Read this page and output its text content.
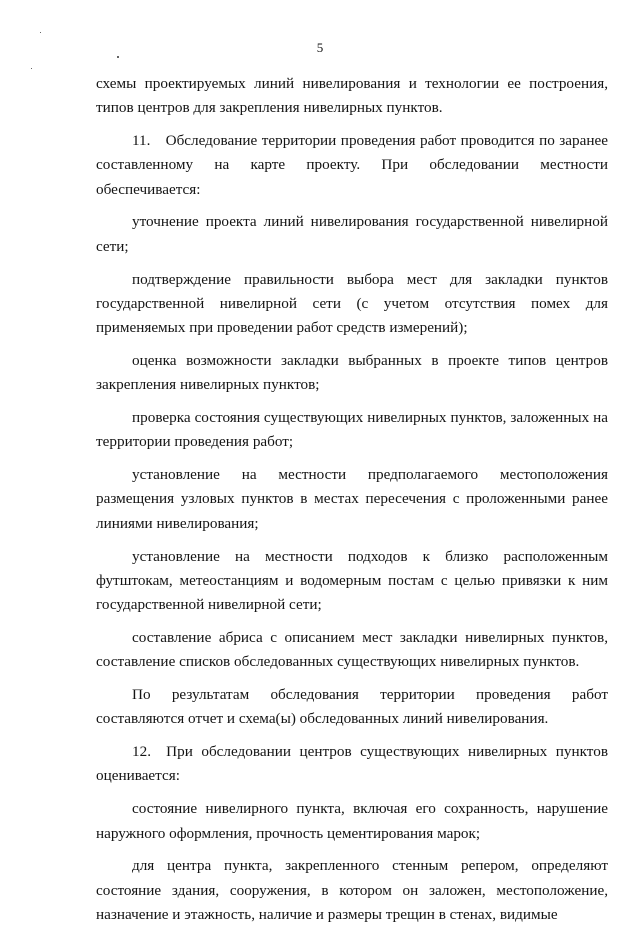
5

схемы проектируемых линий нивелирования и технологии ее построения, типов центров для закрепления нивелирных пунктов.

11. Обследование территории проведения работ проводится по заранее составленному на карте проекту. При обследовании местности обеспечивается:

уточнение проекта линий нивелирования государственной нивелирной сети;

подтверждение правильности выбора мест для закладки пунктов государственной нивелирной сети (с учетом отсутствия помех для применяемых при проведении работ средств измерений);

оценка возможности закладки выбранных в проекте типов центров закрепления нивелирных пунктов;

проверка состояния существующих нивелирных пунктов, заложенных на территории проведения работ;

установление на местности предполагаемого местоположения размещения узловых пунктов в местах пересечения с проложенными ранее линиями нивелирования;

установление на местности подходов к близко расположенным футштокам, метеостанциям и водомерным постам с целью привязки к ним государственной нивелирной сети;

составление абриса с описанием мест закладки нивелирных пунктов, составление списков обследованных существующих нивелирных пунктов.

По результатам обследования территории проведения работ составляются отчет и схема(ы) обследованных линий нивелирования.

12. При обследовании центров существующих нивелирных пунктов оценивается:

состояние нивелирного пункта, включая его сохранность, нарушение наружного оформления, прочность цементирования марок;

для центра пункта, закрепленного стенным репером, определяют состояние здания, сооружения, в котором он заложен, местоположение, назначение и этажность, наличие и размеры трещин в стенах, видимые
